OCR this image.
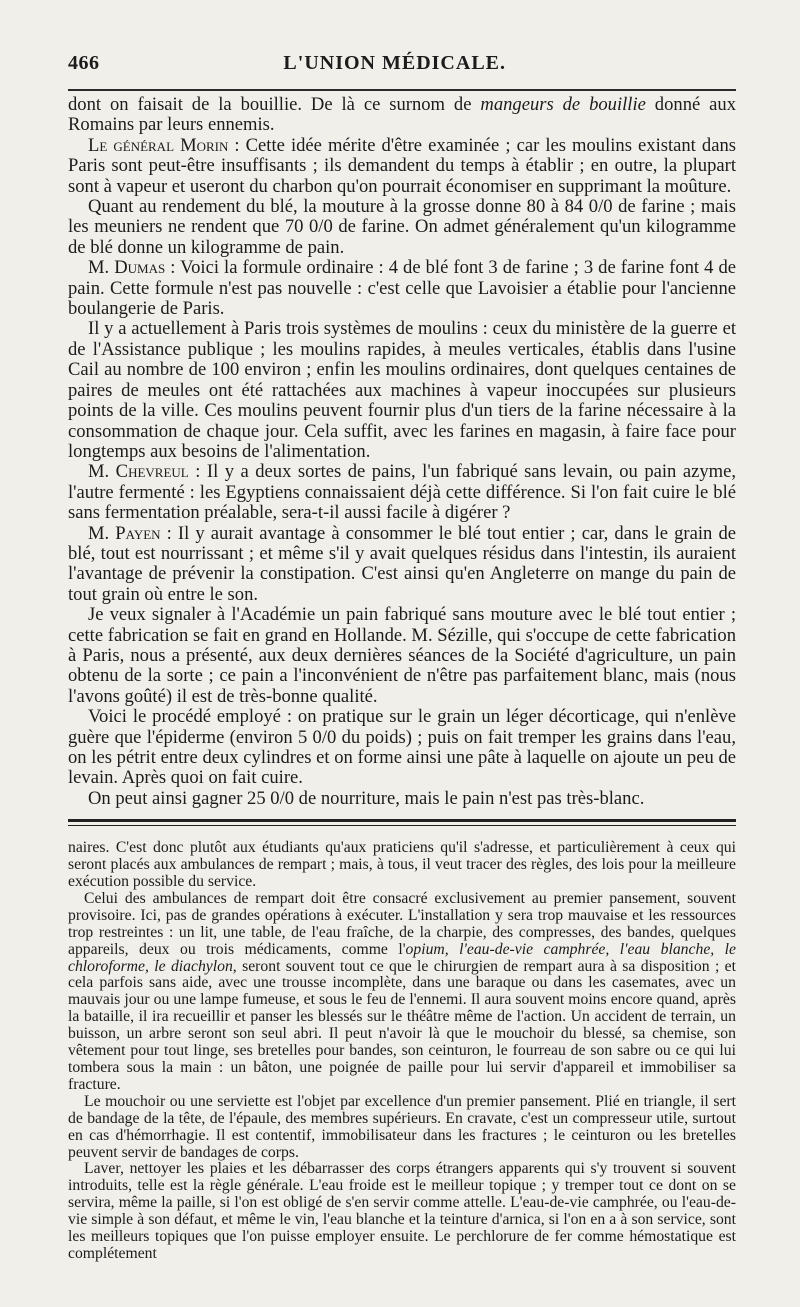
466	L'UNION MÉDICALE.

dont on faisait de la bouillie. De là ce surnom de mangeurs de bouillie donné aux Romains par leurs ennemis.

Le général Morin : Cette idée mérite d'être examinée ; car les moulins existant dans Paris sont peut-être insuffisants ; ils demandent du temps à établir ; en outre, la plupart sont à vapeur et useront du charbon qu'on pourrait économiser en supprimant la moûture.

Quant au rendement du blé, la mouture à la grosse donne 80 à 84 0/0 de farine ; mais les meuniers ne rendent que 70 0/0 de farine. On admet généralement qu'un kilogramme de blé donne un kilogramme de pain.

M. Dumas : Voici la formule ordinaire : 4 de blé font 3 de farine ; 3 de farine font 4 de pain. Cette formule n'est pas nouvelle : c'est celle que Lavoisier a établie pour l'ancienne boulangerie de Paris.

Il y a actuellement à Paris trois systèmes de moulins : ceux du ministère de la guerre et de l'Assistance publique ; les moulins rapides, à meules verticales, établis dans l'usine Cail au nombre de 100 environ ; enfin les moulins ordinaires, dont quelques centaines de paires de meules ont été rattachées aux machines à vapeur inoccupées sur plusieurs points de la ville. Ces moulins peuvent fournir plus d'un tiers de la farine nécessaire à la consommation de chaque jour. Cela suffit, avec les farines en magasin, à faire face pour longtemps aux besoins de l'alimentation.

M. Chevreul : Il y a deux sortes de pains, l'un fabriqué sans levain, ou pain azyme, l'autre fermenté : les Egyptiens connaissaient déjà cette différence. Si l'on fait cuire le blé sans fermentation préalable, sera-t-il aussi facile à digérer ?

M. Payen : Il y aurait avantage à consommer le blé tout entier ; car, dans le grain de blé, tout est nourrissant ; et même s'il y avait quelques résidus dans l'intestin, ils auraient l'avantage de prévenir la constipation. C'est ainsi qu'en Angleterre on mange du pain de tout grain où entre le son.

Je veux signaler à l'Académie un pain fabriqué sans mouture avec le blé tout entier ; cette fabrication se fait en grand en Hollande. M. Sézille, qui s'occupe de cette fabrication à Paris, nous a présenté, aux deux dernières séances de la Société d'agriculture, un pain obtenu de la sorte ; ce pain a l'inconvénient de n'être pas parfaitement blanc, mais (nous l'avons goûté) il est de très-bonne qualité.

Voici le procédé employé : on pratique sur le grain un léger décorticage, qui n'enlève guère que l'épiderme (environ 5 0/0 du poids) ; puis on fait tremper les grains dans l'eau, on les pétrit entre deux cylindres et on forme ainsi une pâte à laquelle on ajoute un peu de levain. Après quoi on fait cuire.

On peut ainsi gagner 25 0/0 de nourriture, mais le pain n'est pas très-blanc.

naires. C'est donc plutôt aux étudiants qu'aux praticiens qu'il s'adresse, et particulièrement à ceux qui seront placés aux ambulances de rempart ; mais, à tous, il veut tracer des règles, des lois pour la meilleure exécution possible du service.

Celui des ambulances de rempart doit être consacré exclusivement au premier pansement, souvent provisoire. Ici, pas de grandes opérations à exécuter. L'installation y sera trop mauvaise et les ressources trop restreintes : un lit, une table, de l'eau fraîche, de la charpie, des compresses, des bandes, quelques appareils, deux ou trois médicaments, comme l'opium, l'eau-de-vie camphrée, l'eau blanche, le chloroforme, le diachylon, seront souvent tout ce que le chirurgien de rempart aura à sa disposition ; et cela parfois sans aide, avec une trousse incomplète, dans une baraque ou dans les casemates, avec un mauvais jour ou une lampe fumeuse, et sous le feu de l'ennemi. Il aura souvent moins encore quand, après la bataille, il ira recueillir et panser les blessés sur le théâtre même de l'action. Un accident de terrain, un buisson, un arbre seront son seul abri. Il peut n'avoir là que le mouchoir du blessé, sa chemise, son vêtement pour tout linge, ses bretelles pour bandes, son ceinturon, le fourreau de son sabre ou ce qui lui tombera sous la main : un bâton, une poignée de paille pour lui servir d'appareil et immobiliser sa fracture.

Le mouchoir ou une serviette est l'objet par excellence d'un premier pansement. Plié en triangle, il sert de bandage de la tête, de l'épaule, des membres supérieurs. En cravate, c'est un compresseur utile, surtout en cas d'hémorrhagie. Il est contentif, immobilisateur dans les fractures ; le ceinturon ou les bretelles peuvent servir de bandages de corps.

Laver, nettoyer les plaies et les débarrasser des corps étrangers apparents qui s'y trouvent si souvent introduits, telle est la règle générale. L'eau froide est le meilleur topique ; y tremper tout ce dont on se servira, même la paille, si l'on est obligé de s'en servir comme attelle. L'eau-de-vie camphrée, ou l'eau-de-vie simple à son défaut, et même le vin, l'eau blanche et la teinture d'arnica, si l'on en a à son service, sont les meilleurs topiques que l'on puisse employer ensuite. Le perchlorure de fer comme hémostatique est complétement
